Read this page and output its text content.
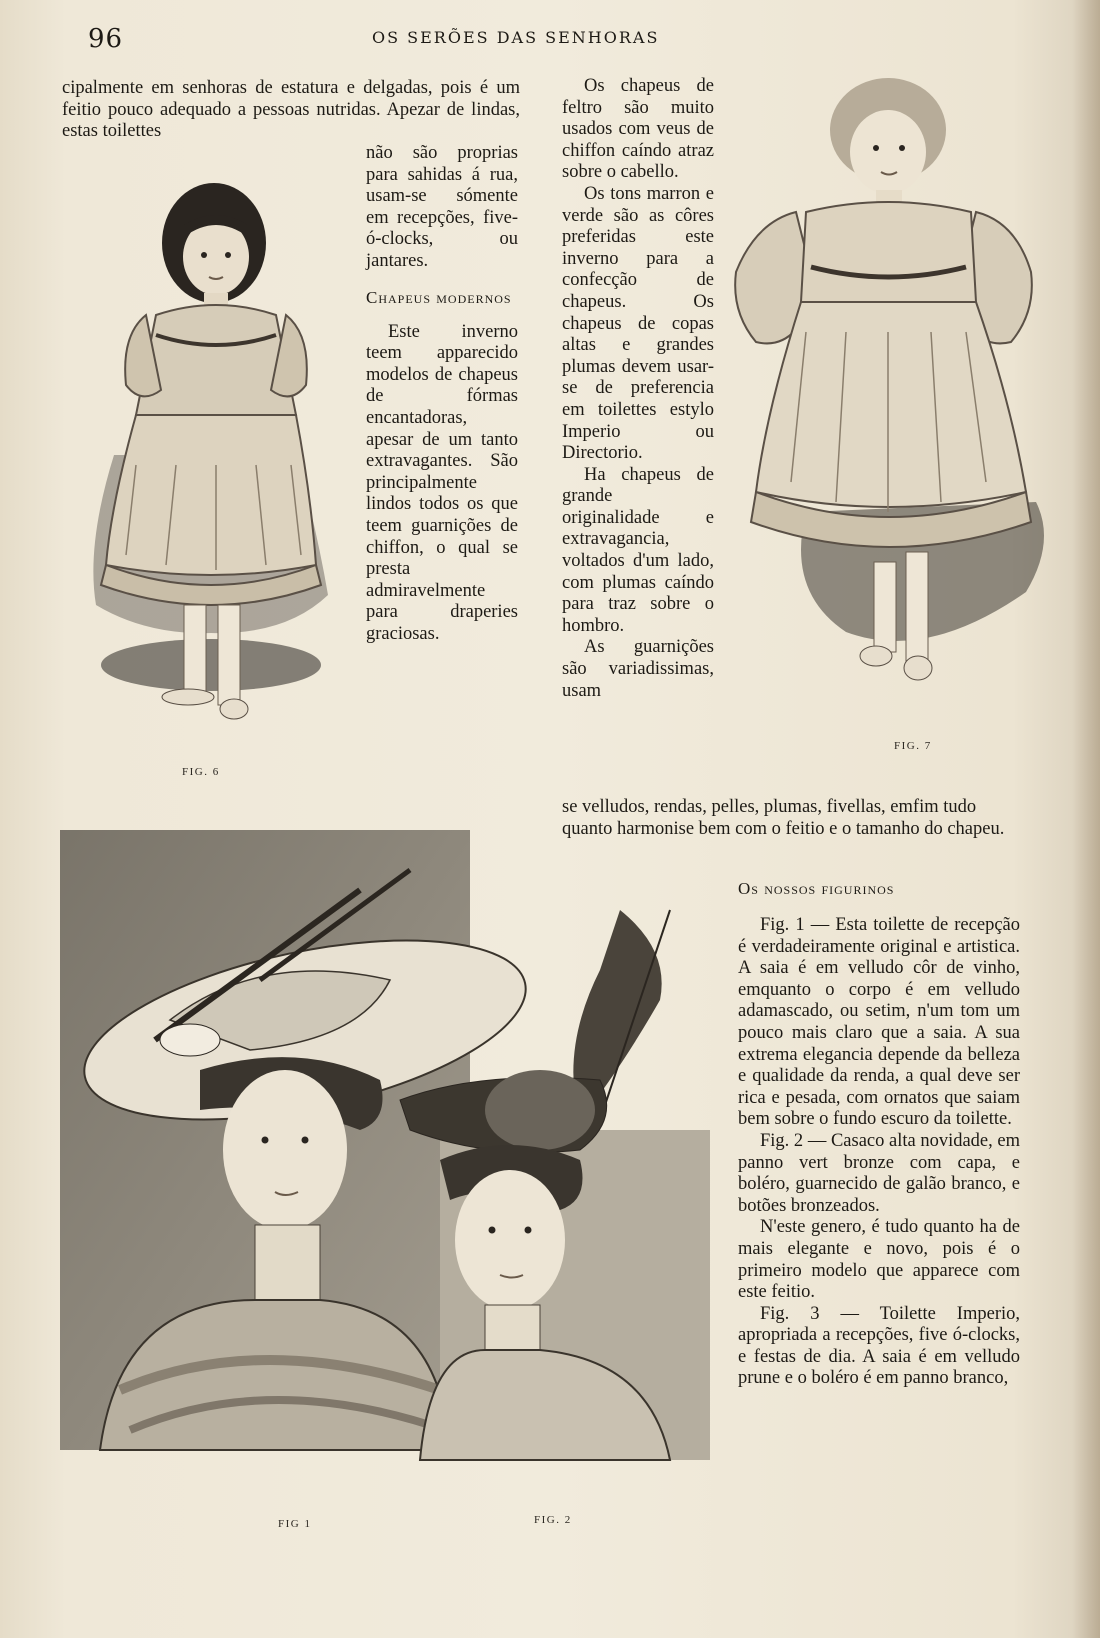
96	OS SERÕES DAS SENHORAS

cipalmente em senhoras de estatura e delgadas, pois é um feitio pouco adequado a pessoas nutridas. Apezar de lindas, estas toilettes

não são proprias para sahidas á rua, usam-se sómente em recepções, five-ó-clocks, ou jantares.

Chapeus modernos

Este inverno teem apparecido modelos de chapeus de fórmas encantadoras, apesar de um tanto extravagantes. São principalmente lindos todos os que teem guarnições de chiffon, o qual se presta admiravelmente para draperies graciosas.

Os chapeus de feltro são muito usados com veus de chiffon caíndo atraz sobre o cabello.

Os tons marron e verde são as côres preferidas este inverno para a confecção de chapeus. Os chapeus de copas altas e grandes plumas devem usar-se de preferencia em toilettes estylo Imperio ou Directorio.

Ha chapeus de grande originalidade e extravagancia, voltados d'um lado, com plumas caíndo para traz sobre o hombro.

As guarnições são variadissimas, usam

se velludos, rendas, pelles, plumas, fivellas, emfim tudo quanto harmonise bem com o feitio e o tamanho do chapeu.

Os nossos figurinos

Fig. 1 — Esta toilette de recepção é verdadeiramente original e artistica. A saia é em velludo côr de vinho, emquanto o corpo é em velludo adamascado, ou setim, n'um tom um pouco mais claro que a saia. A sua extrema elegancia depende da belleza e qualidade da renda, a qual deve ser rica e pesada, com ornatos que saiam bem sobre o fundo escuro da toilette.

Fig. 2 — Casaco alta novidade, em panno vert bronze com capa, e boléro, guarnecido de galão branco, e botões bronzeados.

N'este genero, é tudo quanto ha de mais elegante e novo, pois é o primeiro modelo que apparece com este feitio.

Fig. 3 — Toilette Imperio, apropriada a recepções, five ó-clocks, e festas de dia. A saia é em velludo prune e o boléro é em panno branco,

FIG. 6
FIG. 7
FIG 1	FIG. 2
